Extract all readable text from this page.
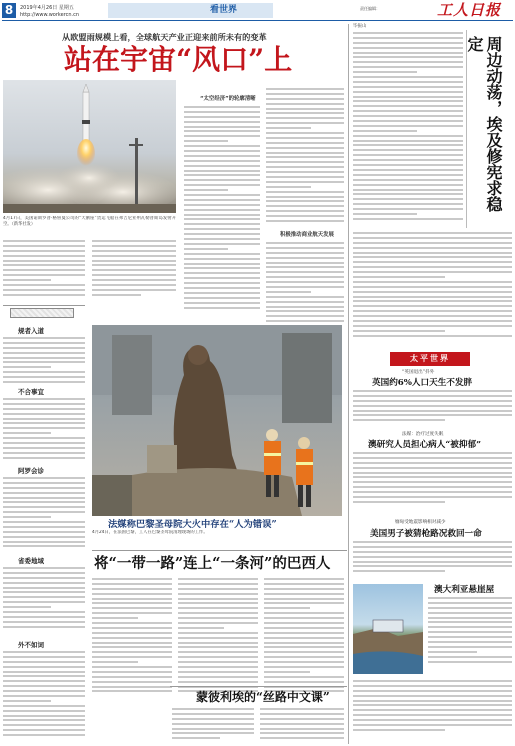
8	2019年4月26日 星期五
http://www.workercn.cn	看世界	责任编辑：	工人日报
从欧盟雨规模上看，全球航天产业正迎来前所未有的变革
站在宇宙“风口”上
4月17日，美国诺斯罗普·格鲁曼公司的“天鹅座”货运飞船在弗吉尼亚州瓦勒普斯岛发射升空。（新华社发）
“太空经济”的轮廓清晰
积极推动商业航天发展
规者入道
不合事宜
阿罗会诊
省委地域
外不如词
法媒称巴黎圣母院大火中存在“人为错误”
4月24日，在法国巴黎，工人在巴黎圣母院清理现场的工作。
将“一带一路”连上“一条河”的巴西人
蒙彼利埃的“丝路中文课”
毕振山
周边动荡，埃及修宪求稳定
太平世界
“英国退出”抖外
英国约6%人口天生不发胖
法媒：治疗过度失眠
澳研究人员担心病人“被抑郁”
缅甸受地震影响相对减少
美国男子被猜枪路况救回一命
澳大利亚悬崖屋
